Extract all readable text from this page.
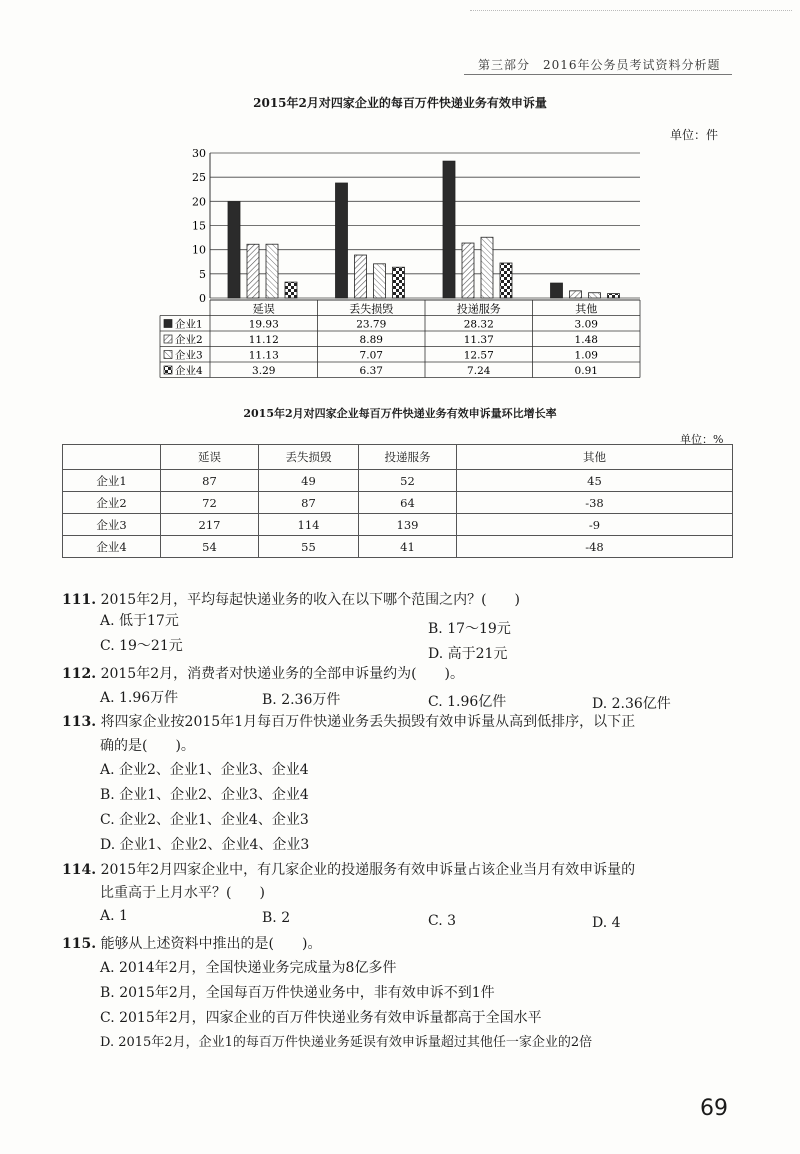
第三部分　2016年公务员考试资料分析题
2015年2月对四家企业的每百万件快递业务有效申诉量
单位：件
0
5
10
15
20
25
30
延误	丢失损毁	投递服务	其他
企业1	19.93	23.79	28.32	3.09
企业2	11.12	8.89	11.37	1.48
企业3	11.13	7.07	12.57	1.09
企业4	3.29	6.37	7.24	0.91
2015年2月对四家企业每百万件快递业务有效申诉量环比增长率
单位：%
	延误	丢失损毁	投递服务	其他
企业1	87	49	52	45
企业2	72	87	64	-38
企业3	217	114	139	-9
企业4	54	55	41	-48
111. 2015年2月，平均每起快递业务的收入在以下哪个范围之内？(　　)
A. 低于17元	B. 17～19元
C. 19～21元	D. 高于21元
112. 2015年2月，消费者对快递业务的全部申诉量约为(　　)。
A. 1.96万件	B. 2.36万件	C. 1.96亿件	D. 2.36亿件
113. 将四家企业按2015年1月每百万件快递业务丢失损毁有效申诉量从高到低排序，以下正
确的是(　　)。
A. 企业2、企业1、企业3、企业4
B. 企业1、企业2、企业3、企业4
C. 企业2、企业1、企业4、企业3
D. 企业1、企业2、企业4、企业3
114. 2015年2月四家企业中，有几家企业的投递服务有效申诉量占该企业当月有效申诉量的
比重高于上月水平？(　　)
A. 1	B. 2	C. 3	D. 4
115. 能够从上述资料中推出的是(　　)。
A. 2014年2月，全国快递业务完成量为8亿多件
B. 2015年2月，全国每百万件快递业务中，非有效申诉不到1件
C. 2015年2月，四家企业的百万件快递业务有效申诉量都高于全国水平
D. 2015年2月，企业1的每百万件快递业务延误有效申诉量超过其他任一家企业的2倍
69
